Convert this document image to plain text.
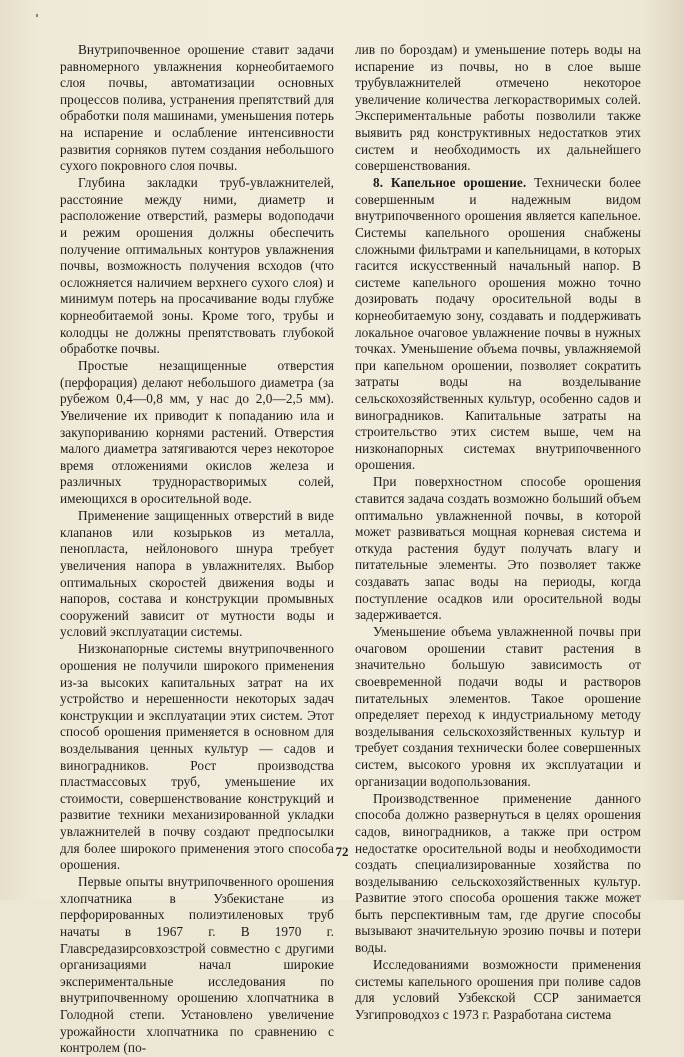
Внутрипочвенное орошение ставит задачи равномерного увлажнения корнеобитаемого слоя почвы, автоматизации основных процессов полива, устранения препятствий для обработки поля машинами, уменьшения потерь на испарение и ослабление интенсивности развития сорняков путем создания небольшого сухого покровного слоя почвы.

Глубина закладки труб-увлажнителей, расстояние между ними, диаметр и расположение отверстий, размеры водоподачи и режим орошения должны обеспечить получение оптимальных контуров увлажнения почвы, возможность получения всходов (что осложняется наличием верхнего сухого слоя) и минимум потерь на просачивание воды глубже корнеобитаемой зоны. Кроме того, трубы и колодцы не должны препятствовать глубокой обработке почвы.

Простые незащищенные отверстия (перфорация) делают небольшого диаметра (за рубежом 0,4—0,8 мм, у нас до 2,0—2,5 мм). Увеличение их приводит к попаданию ила и закупориванию корнями растений. Отверстия малого диаметра затягиваются через некоторое время отложениями окислов железа и различных труднорастворимых солей, имеющихся в оросительной воде.

Применение защищенных отверстий в виде клапанов или козырьков из металла, пенопласта, нейлонового шнура требует увеличения напора в увлажнителях. Выбор оптимальных скоростей движения воды и напоров, состава и конструкции промывных сооружений зависит от мутности воды и условий эксплуатации системы.

Низконапорные системы внутрипочвенного орошения не получили широкого применения из-за высоких капитальных затрат на их устройство и нерешенности некоторых задач конструкции и эксплуатации этих систем. Этот способ орошения применяется в основном для возделывания ценных культур — садов и виноградников. Рост производства пластмассовых труб, уменьшение их стоимости, совершенствование конструкций и развитие техники механизированной укладки увлажнителей в почву создают предпосылки для более широкого применения этого способа орошения.

Первые опыты внутрипочвенного орошения хлопчатника в Узбекистане из перфорированных полиэтиленовых труб начаты в 1967 г. В 1970 г. Главсредазирсовхозстрой совместно с другими организациями начал широкие экспериментальные исследования по внутрипочвенному орошению хлопчатника в Голодной степи. Установлено увеличение урожайности хлопчатника по сравнению с контролем (по-

лив по бороздам) и уменьшение потерь воды на испарение из почвы, но в слое выше трубувлажнителей отмечено некоторое увеличение количества легкорастворимых солей. Экспериментальные работы позволили также выявить ряд конструктивных недостатков этих систем и необходимость их дальнейшего совершенствования.

8. Капельное орошение. Технически более совершенным и надежным видом внутрипочвенного орошения является капельное. Системы капельного орошения снабжены сложными фильтрами и капельницами, в которых гасится искусственный начальный напор. В системе капельного орошения можно точно дозировать подачу оросительной воды в корнеобитаемую зону, создавать и поддерживать локальное очаговое увлажнение почвы в нужных точках. Уменьшение объема почвы, увлажняемой при капельном орошении, позволяет сократить затраты воды на возделывание сельскохозяйственных культур, особенно садов и виноградников. Капитальные затраты на строительство этих систем выше, чем на низконапорных системах внутрипочвенного орошения.

При поверхностном способе орошения ставится задача создать возможно больший объем оптимально увлажненной почвы, в которой может развиваться мощная корневая система и откуда растения будут получать влагу и питательные элементы. Это позволяет также создавать запас воды на периоды, когда поступление осадков или оросительной воды задерживается.

Уменьшение объема увлажненной почвы при очаговом орошении ставит растения в значительно большую зависимость от своевременной подачи воды и растворов питательных элементов. Такое орошение определяет переход к индустриальному методу возделывания сельскохозяйственных культур и требует создания технически более совершенных систем, высокого уровня их эксплуатации и организации водопользования.

Производственное применение данного способа должно развернуться в целях орошения садов, виноградников, а также при остром недостатке оросительной воды и необходимости создать специализированные хозяйства по возделыванию сельскохозяйственных культур. Развитие этого способа орошения также может быть перспективным там, где другие способы вызывают значительную эрозию почвы и потери воды.

Исследованиями возможности применения системы капельного орошения при поливе садов для условий Узбекской ССР занимается Узгипроводхоз с 1973 г. Разработана система

72
